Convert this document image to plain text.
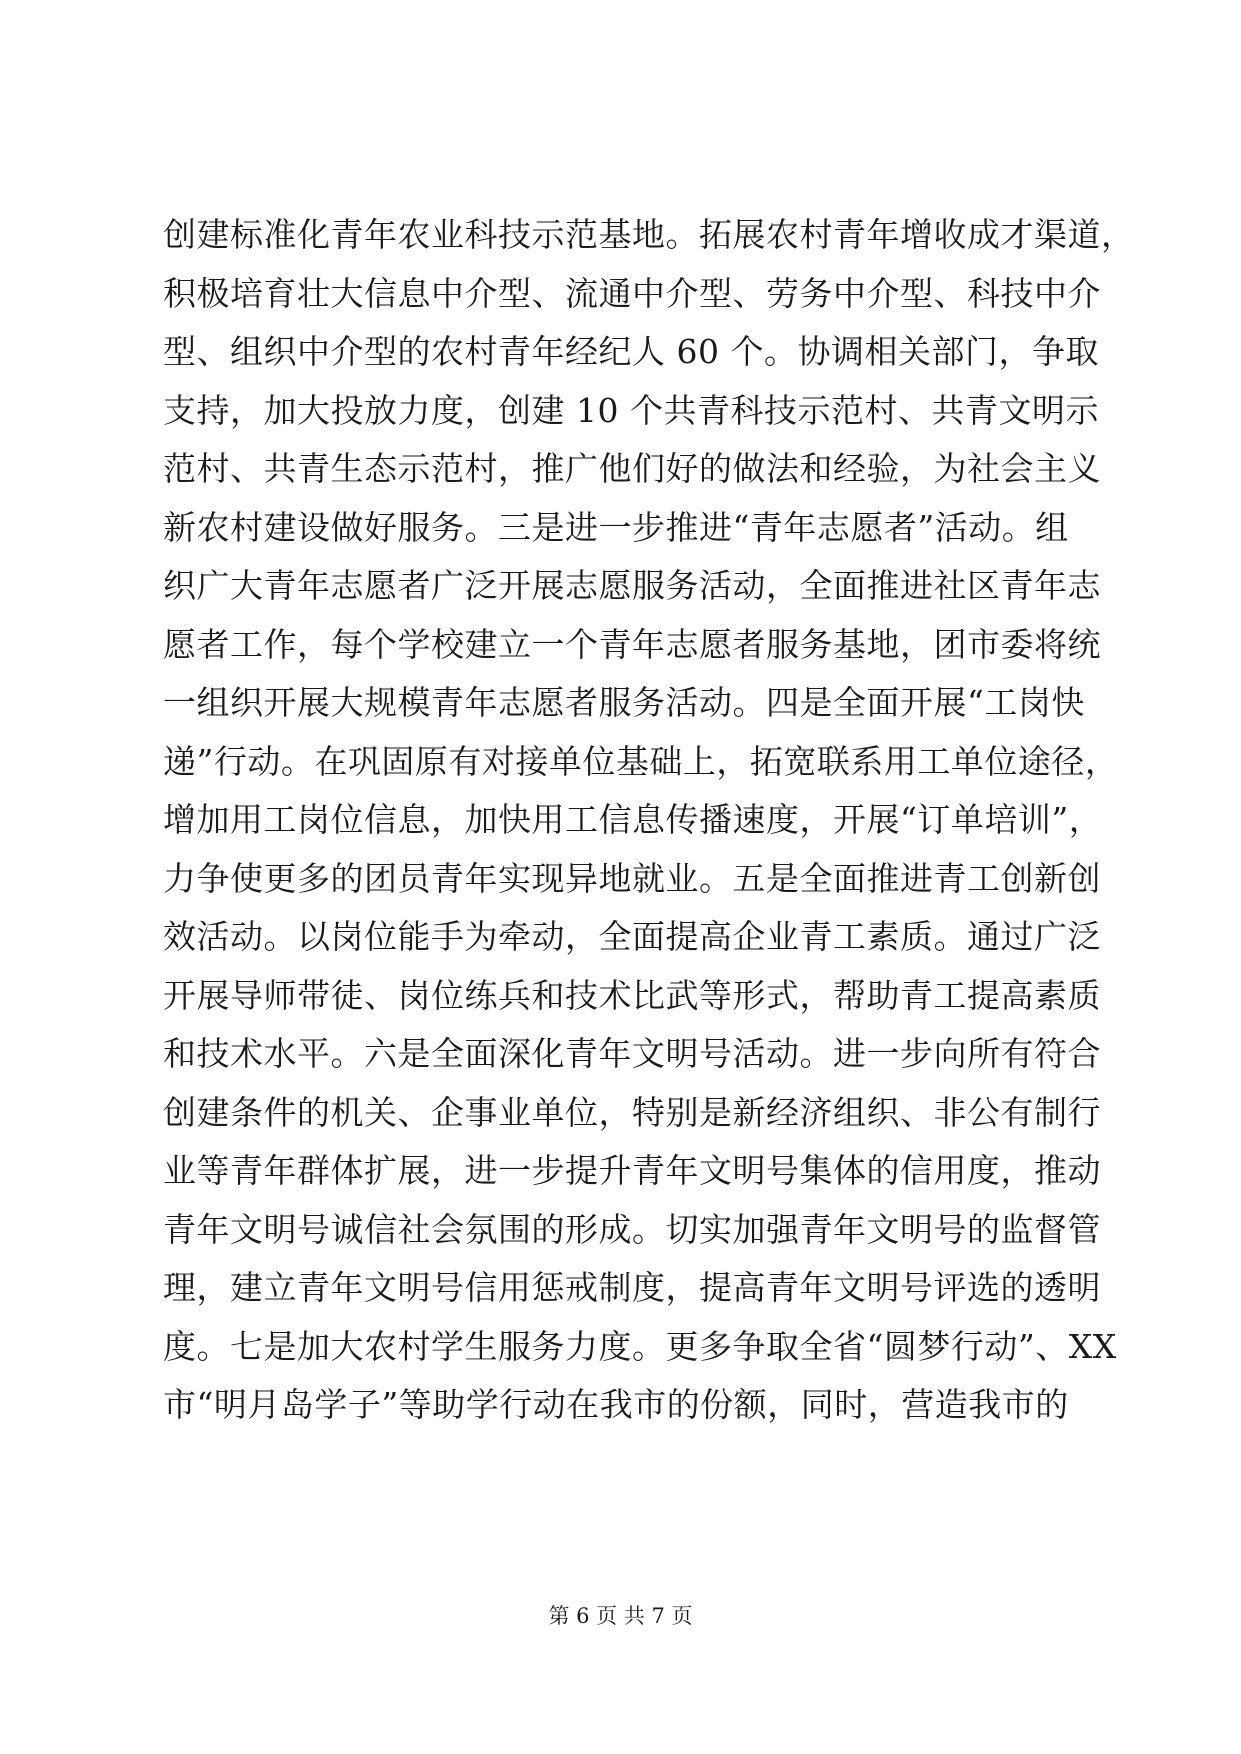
创建标准化青年农业科技示范基地。拓展农村青年增收成才渠道，
积极培育壮大信息中介型、流通中介型、劳务中介型、科技中介
型、组织中介型的农村青年经纪人 60 个。协调相关部门，争取
支持，加大投放力度，创建 10 个共青科技示范村、共青文明示
范村、共青生态示范村，推广他们好的做法和经验，为社会主义
新农村建设做好服务。三是进一步推进“青年志愿者”活动。组
织广大青年志愿者广泛开展志愿服务活动，全面推进社区青年志
愿者工作，每个学校建立一个青年志愿者服务基地，团市委将统
一组织开展大规模青年志愿者服务活动。四是全面开展“工岗快
递”行动。在巩固原有对接单位基础上，拓宽联系用工单位途径，
增加用工岗位信息，加快用工信息传播速度，开展“订单培训”，
力争使更多的团员青年实现异地就业。五是全面推进青工创新创
效活动。以岗位能手为牵动，全面提高企业青工素质。通过广泛
开展导师带徒、岗位练兵和技术比武等形式，帮助青工提高素质
和技术水平。六是全面深化青年文明号活动。进一步向所有符合
创建条件的机关、企事业单位，特别是新经济组织、非公有制行
业等青年群体扩展，进一步提升青年文明号集体的信用度，推动
青年文明号诚信社会氛围的形成。切实加强青年文明号的监督管
理，建立青年文明号信用惩戒制度，提高青年文明号评选的透明
度。七是加大农村学生服务力度。更多争取全省“圆梦行动”、XX
市“明月岛学子”等助学行动在我市的份额，同时，营造我市的
第 6 页 共 7 页
